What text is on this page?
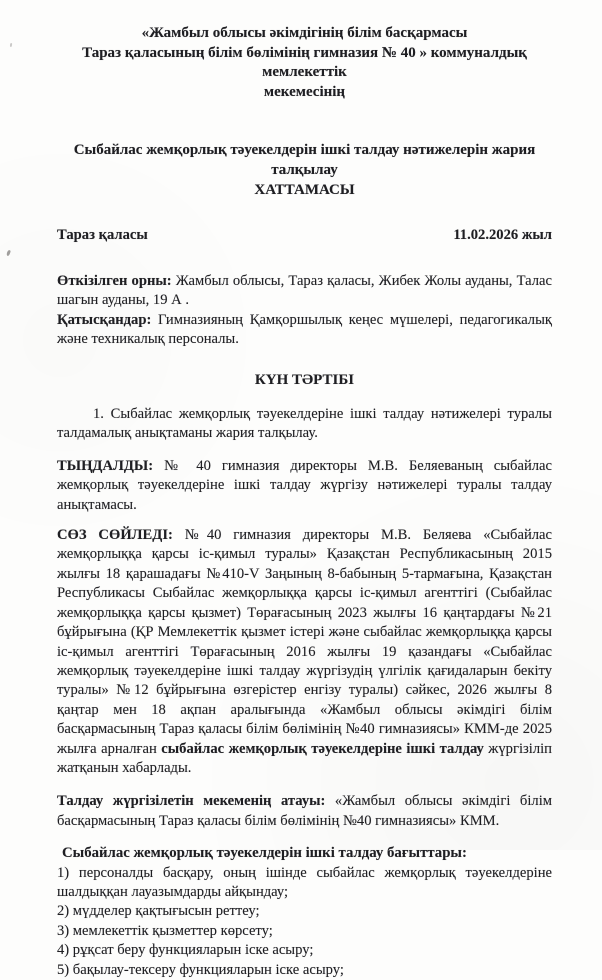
«Жамбыл облысы әкімдігінің білім басқармасы
Тараз қаласының білім бөлімінің гимназия № 40 » коммуналдық мемлекеттік
мекемесінің
Сыбайлас жемқорлық тәуекелдерін ішкі талдау нәтижелерін жария талқылау
ХАТТАМАСЫ
Тараз қаласы	11.02.2026 жыл

Өткізілген орны: Жамбыл облысы, Тараз қаласы, Жибек Жолы ауданы, Талас шагын ауданы, 19 А .

Қатысқандар: Гимназияның Қамқоршылық кеңес мүшелері, педагогикалық және техникалық персоналы.

КҮН ТӘРТІБІ

1. Сыбайлас жемқорлық тәуекелдеріне ішкі талдау нәтижелері туралы талдамалық анықтаманы жария талқылау.

ТЫҢДАЛДЫ: № 40 гимназия директоры М.В. Беляеваның сыбайлас жемқорлық тәуекелдеріне ішкі талдау жүргізу нәтижелері туралы талдау анықтамасы.

СӨЗ СӨЙЛЕДІ: №40 гимназия директоры М.В. Беляева «Сыбайлас жемқорлыққа қарсы іс-қимыл туралы» Қазақстан Республикасының 2015 жылғы 18 қарашадағы №410-V Заңының 8-бабының 5-тармағына, Қазақстан Республикасы Сыбайлас жемқорлыққа қарсы іс-қимыл агенттігі (Сыбайлас жемқорлыққа қарсы қызмет) Төрағасының 2023 жылғы 16 қаңтардағы №21 бұйрығына (ҚР Мемлекеттік қызмет істері және сыбайлас жемқорлыққа қарсы іс-қимыл агенттігі Төрағасының 2016 жылғы 19 қазандағы «Сыбайлас жемқорлық тәуекелдеріне ішкі талдау жүргізудің үлгілік қағидаларын бекіту туралы» №12 бұйрығына өзгерістер енгізу туралы) сәйкес, 2026 жылғы 8 қаңтар мен 18 ақпан аралығында «Жамбыл облысы әкімдігі білім басқармасының Тараз қаласы білім бөлімінің №40 гимназиясы» КММ-де 2025 жылға арналған сыбайлас жемқорлық тәуекелдеріне ішкі талдау жүргізіліп жатқанын хабарлады.

Талдау жүргізілетін мекеменің атауы: «Жамбыл облысы әкімдігі білім басқармасының Тараз қаласы білім бөлімінің №40 гимназиясы» КММ.

Сыбайлас жемқорлық тәуекелдерін ішкі талдау бағыттары:

1) персоналды басқару, оның ішінде сыбайлас жемқорлық тәуекелдеріне шалдыққан лауазымдарды айқындау;

2) мүдделер қақтығысын реттеу;

3) мемлекеттік қызметтер көрсету;

4) рұқсат беру функцияларын іске асыру;

5) бақылау-тексеру функцияларын іске асыру;
